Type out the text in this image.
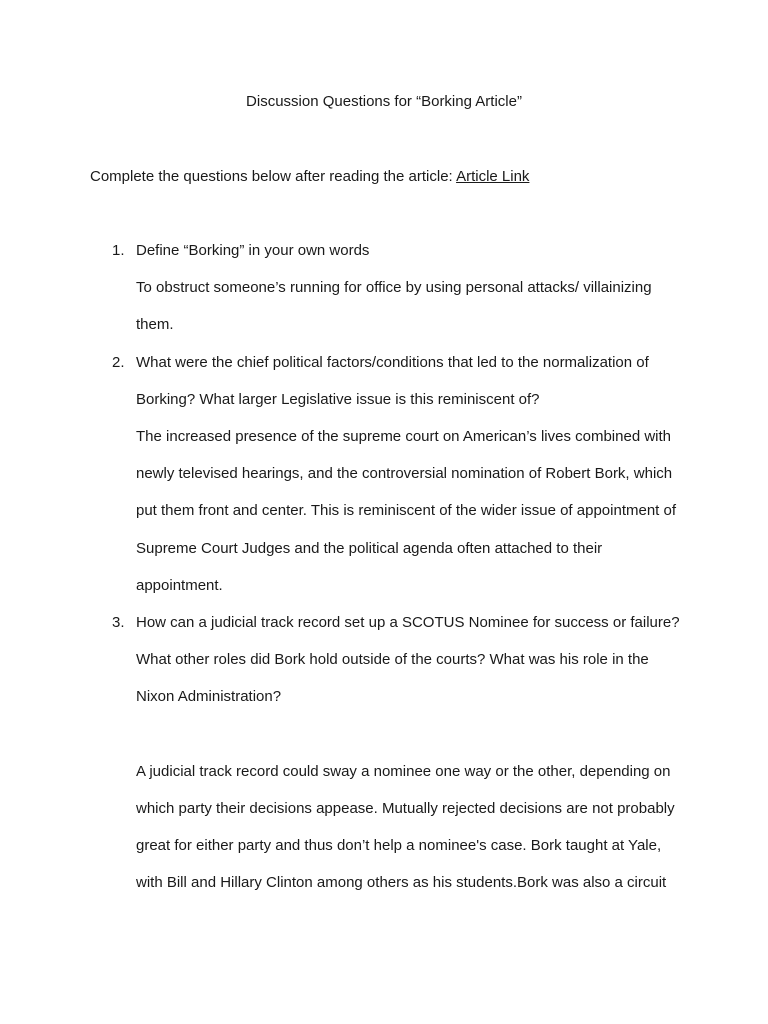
Discussion Questions for “Borking Article”
Complete the questions below after reading the article: Article Link
1. Define “Borking” in your own words
To obstruct someone’s running for office by using personal attacks/ villainizing
them.
2. What were the chief political factors/conditions that led to the normalization of
Borking? What larger Legislative issue is this reminiscent of?
The increased presence of the supreme court on American’s lives combined with
newly televised hearings, and the controversial nomination of Robert Bork, which
put them front and center. This is reminiscent of the wider issue of appointment of
Supreme Court Judges and the political agenda often attached to their
appointment.
3. How can a judicial track record set up a SCOTUS Nominee for success or failure?
What other roles did Bork hold outside of the courts? What was his role in the
Nixon Administration?
A judicial track record could sway a nominee one way or the other, depending on
which party their decisions appease. Mutually rejected decisions are not probably
great for either party and thus don’t help a nominee's case. Bork taught at Yale,
with Bill and Hillary Clinton among others as his students.Bork was also a circuit
